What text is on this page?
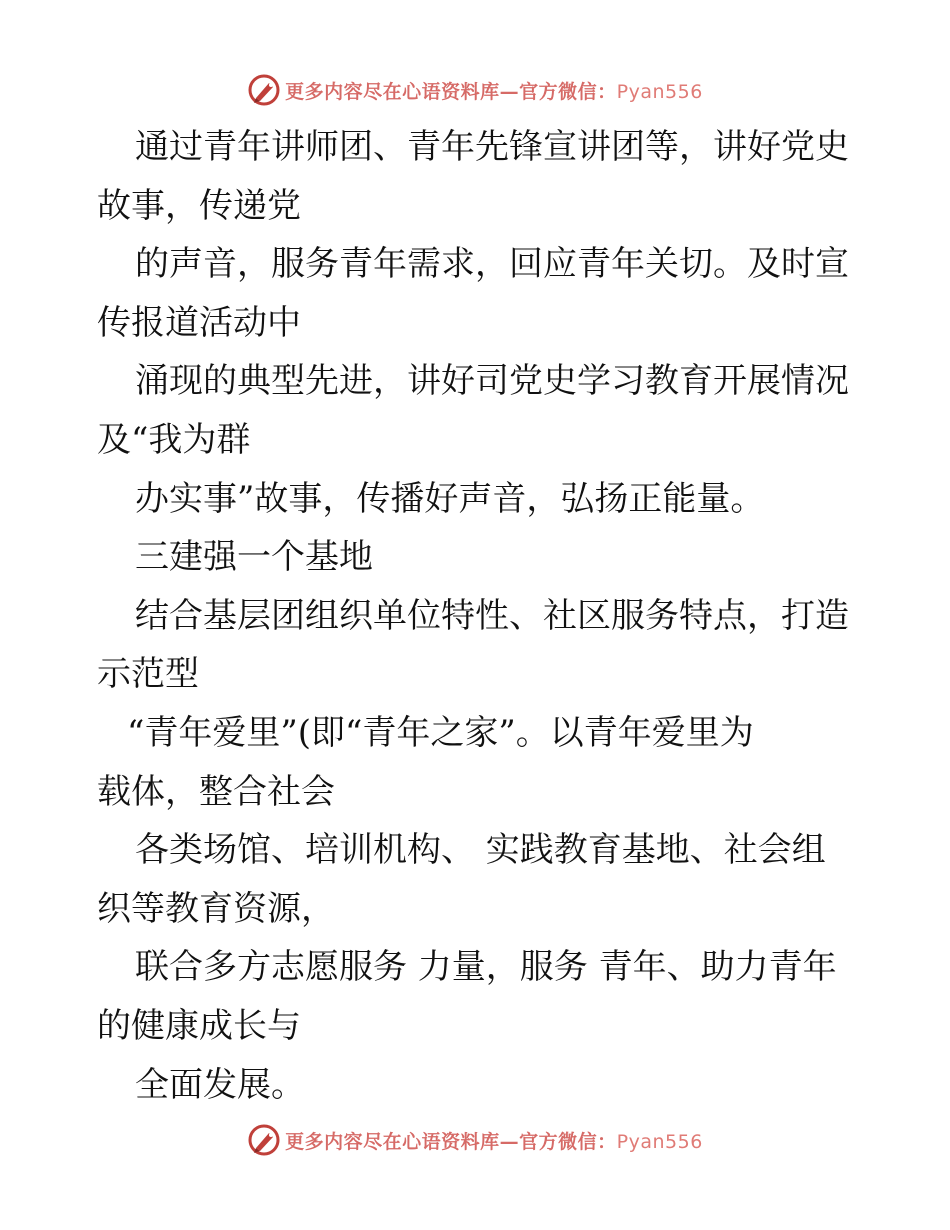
更多内容尽在心语资料库—官方微信：Pyan556
通过青年讲师团、青年先锋宣讲团等，讲好党史
故事，传递党
的声音，服务青年需求，回应青年关切。及时宣
传报道活动中
涌现的典型先进，讲好司党史学习教育开展情况
及“我为群
办实事”故事，传播好声音，弘扬正能量。
三建强一个基地
结合基层团组织单位特性、社区服务特点，打造
示范型
“青年爱里”(即“青年之家”。以青年爱里为
载体，整合社会
各类场馆、培训机构、 实践教育基地、社会组
织等教育资源，
联合多方志愿服务 力量，服务 青年、助力青年
的健康成长与
全面发展。
更多内容尽在心语资料库—官方微信：Pyan556
